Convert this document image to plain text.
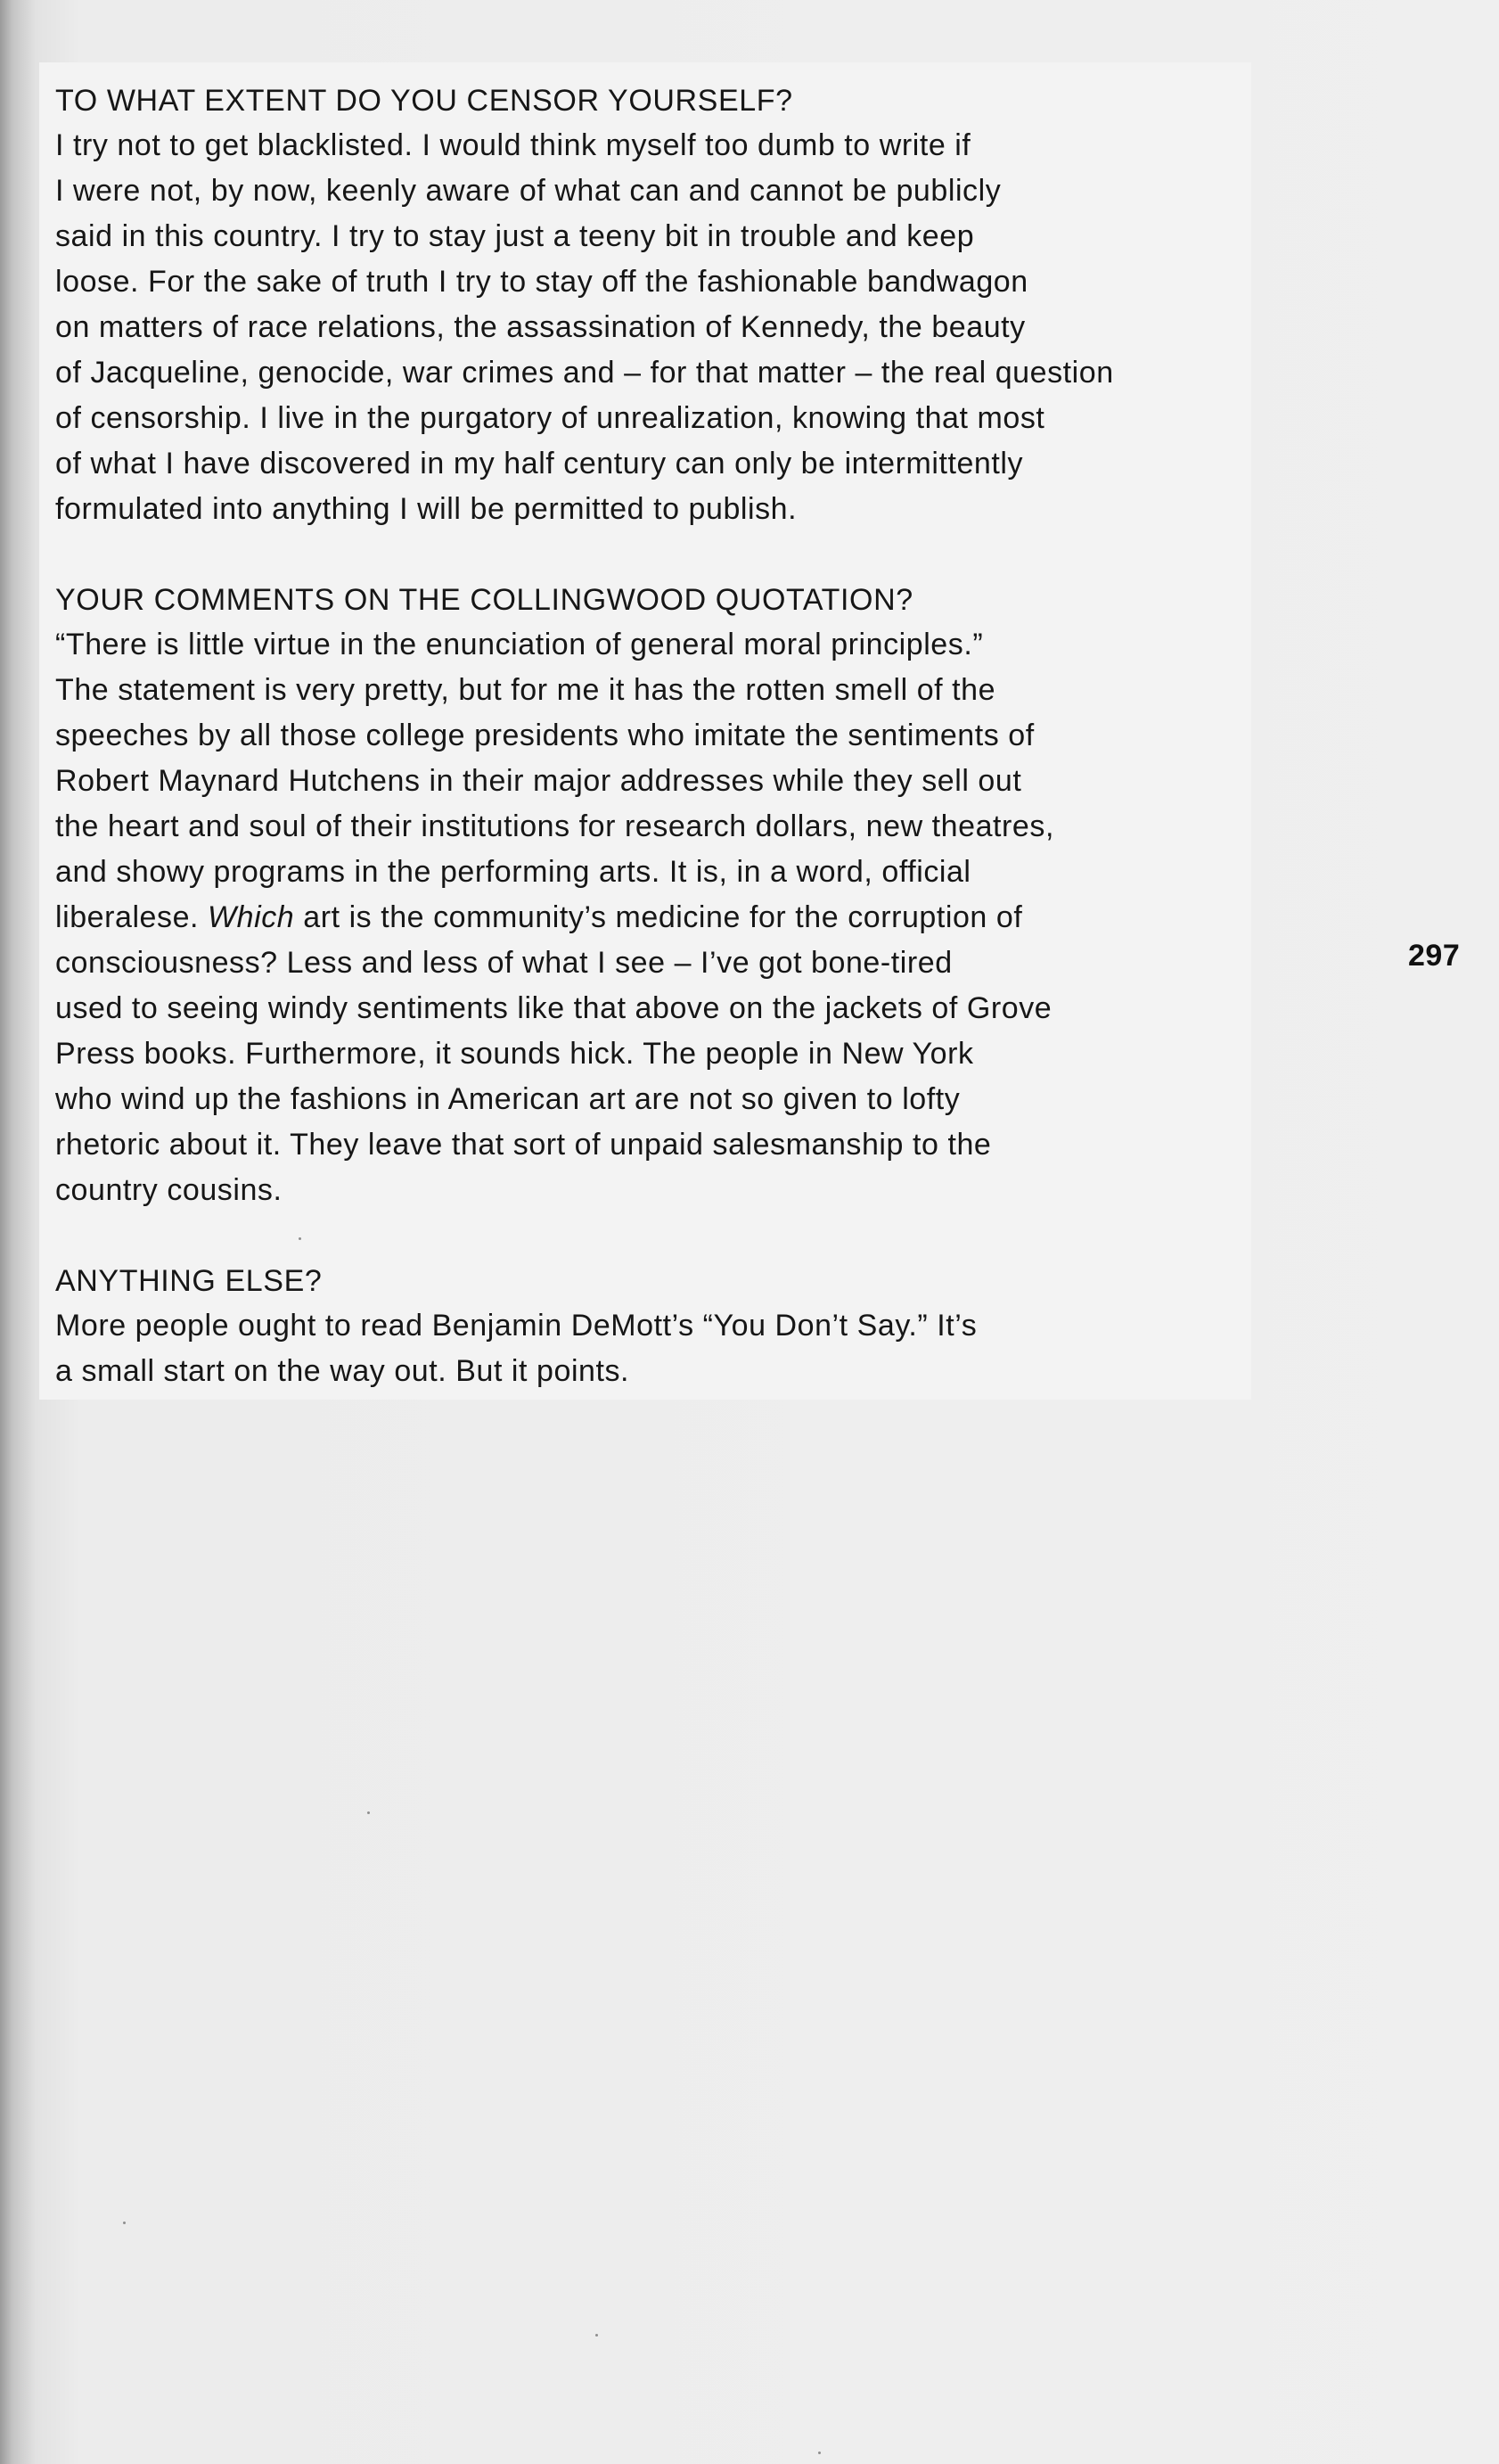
TO WHAT EXTENT DO YOU CENSOR YOURSELF?
I try not to get blacklisted. I would think myself too dumb to write if
I were not, by now, keenly aware of what can and cannot be publicly
said in this country. I try to stay just a teeny bit in trouble and keep
loose. For the sake of truth I try to stay off the fashionable bandwagon
on matters of race relations, the assassination of Kennedy, the beauty
of Jacqueline, genocide, war crimes and – for that matter – the real question
of censorship. I live in the purgatory of unrealization, knowing that most
of what I have discovered in my half century can only be intermittently
formulated into anything I will be permitted to publish.
YOUR COMMENTS ON THE COLLINGWOOD QUOTATION?
“There is little virtue in the enunciation of general moral principles.”
The statement is very pretty, but for me it has the rotten smell of the
speeches by all those college presidents who imitate the sentiments of
Robert Maynard Hutchens in their major addresses while they sell out
the heart and soul of their institutions for research dollars, new theatres,
and showy programs in the performing arts. It is, in a word, official
liberalese. Which art is the community’s medicine for the corruption of
consciousness? Less and less of what I see – I’ve got bone-tired
used to seeing windy sentiments like that above on the jackets of Grove
Press books. Furthermore, it sounds hick. The people in New York
who wind up the fashions in American art are not so given to lofty
rhetoric about it. They leave that sort of unpaid salesmanship to the
country cousins.
ANYTHING ELSE?
More people ought to read Benjamin DeMott’s “You Don’t Say.” It’s
a small start on the way out. But it points.
297
